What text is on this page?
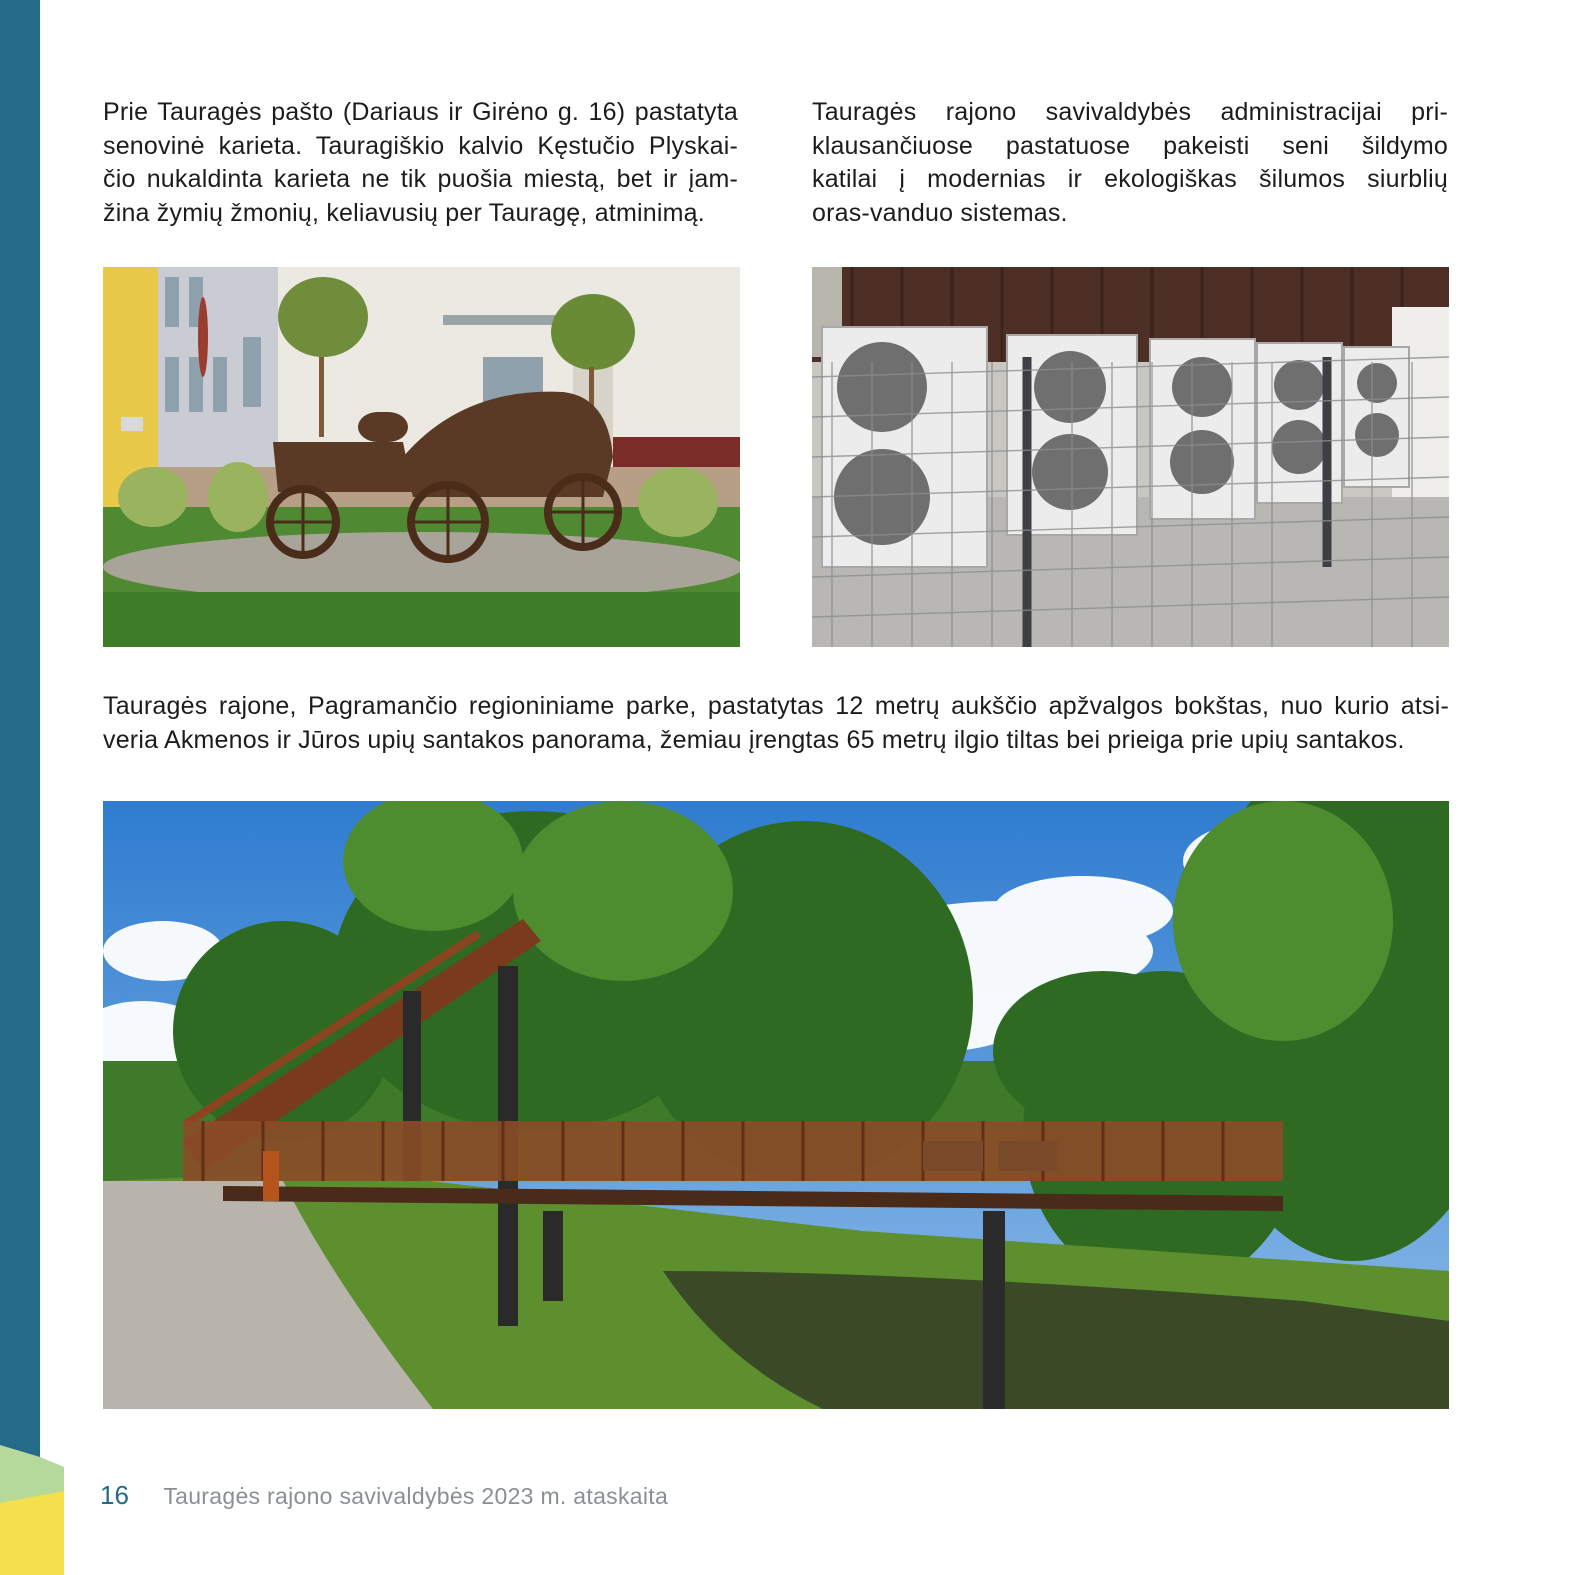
Prie Tauragės pašto (Dariaus ir Girėno g. 16) pastatyta
senovinė karieta. Tauragiškio kalvio Kęstučio Plyskai-
čio nukaldinta karieta ne tik puošia miestą, bet ir įam-
žina žymių žmonių, keliavusių per Tauragę, atminimą.

Tauragės rajono savivaldybės administracijai pri-
klausančiuose pastatuose pakeisti seni šildymo
katilai į modernias ir ekologiškas šilumos siurblių
oras-vanduo sistemas.

Tauragės rajone, Pagramančio regioniniame parke, pastatytas 12 metrų aukščio apžvalgos bokštas, nuo kurio atsi-
veria Akmenos ir Jūros upių santakos panorama, žemiau įrengtas 65 metrų ilgio tiltas bei prieiga prie upių santakos.

16 Tauragės rajono savivaldybės 2023 m. ataskaita
